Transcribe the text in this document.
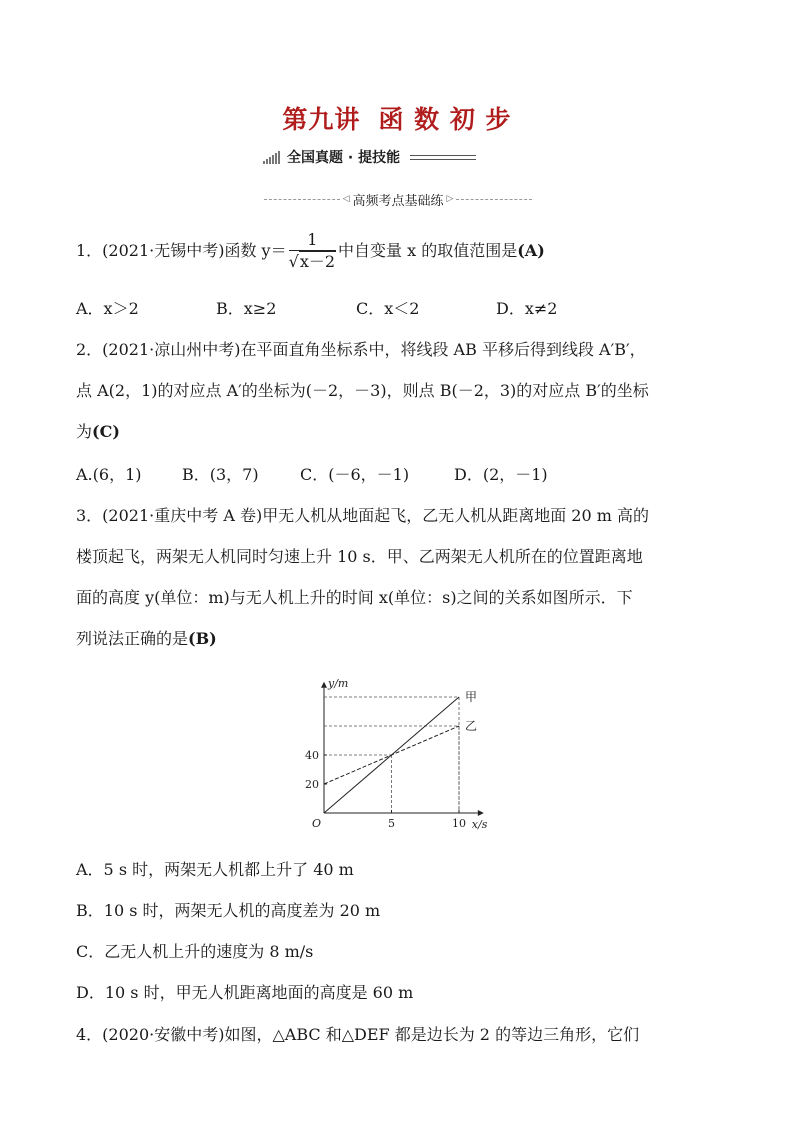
第九讲 函 数 初 步
全国真题 · 提技能
◁ 高频考点基础练 ▷
1．(2021·无锡中考)函数 $y= \frac{1}{√x-2}$ 中自变量 x 的取值范围是(A)
A．x＞2	B．x≥2	C．x＜2	D．x≠2
2．(2021·凉山州中考)在平面直角坐标系中，将线段 AB 平移后得到线段 A′B′，
点 A(2，1)的对应点 A′的坐标为(－2，－3)，则点 B(－2，3)的对应点 B′的坐标
为(C)
A.(6，1)	B．(3，7)	C．(－6，－1)	D．(2，－1)
3．(2021·重庆中考 A 卷)甲无人机从地面起飞，乙无人机从距离地面 20 m 高的
楼顶起飞，两架无人机同时匀速上升 10 s．甲、乙两架无人机所在的位置距离地
面的高度 y(单位：m)与无人机上升的时间 x(单位：s)之间的关系如图所示．下
列说法正确的是(B)
y/m
x/s
O
甲
乙
5	10
20
40
A．5 s 时，两架无人机都上升了 40 m
B．10 s 时，两架无人机的高度差为 20 m
C．乙无人机上升的速度为 8 m/s
D．10 s 时，甲无人机距离地面的高度是 60 m
4．(2020·安徽中考)如图，△ABC 和△DEF 都是边长为 2 的等边三角形，它们
